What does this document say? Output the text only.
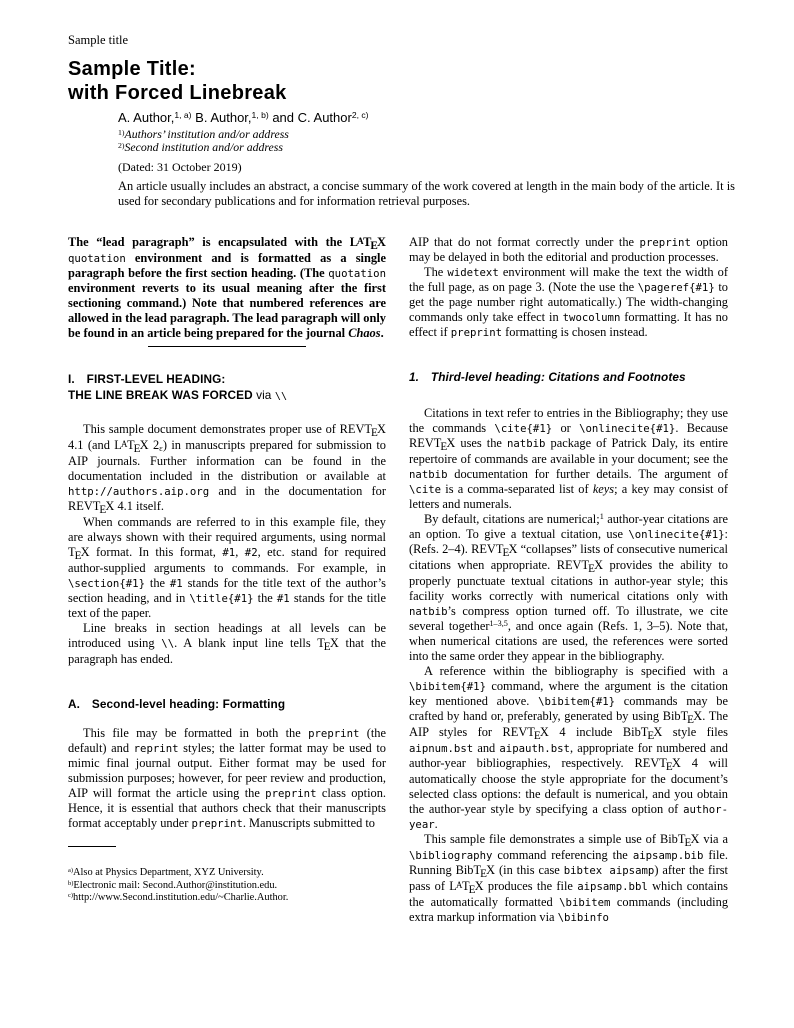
Sample title
Sample Title:
with Forced Linebreak
A. Author,$^{1, a)}$ B. Author,$^{1, b)}$ and C. Author$^{2, c)}$
$^{1)}$Authors’ institution and/or address
$^{2)}$Second institution and/or address
(Dated: 31 October 2019)
An article usually includes an abstract, a concise summary of the work covered at length in the main body of the article. It is used for secondary publications and for information retrieval purposes.
The “lead paragraph” is encapsulated with the $L^ATEX$ quotation environment and is formatted as a single paragraph before the first section heading. (The quotation environment reverts to its usual meaning after the first sectioning command.) Note that numbered references are allowed in the lead paragraph. The lead paragraph will only be found in an article being prepared for the journal Chaos.
I. FIRST-LEVEL HEADING:
THE LINE BREAK WAS FORCED via \\
This sample document demonstrates proper use of REVTEX 4.1 (and $L^ATEX$ $2_\varepsilon$) in manuscripts prepared for submission to AIP journals. Further information can be found in the documentation included in the distribution or available at http://authors.aip.org and in the documentation for REVTEX 4.1 itself.
When commands are referred to in this example file, they are always shown with their required arguments, using normal TEX format. In this format, #1, #2, etc. stand for required author-supplied arguments to commands. For example, in \section{#1} the #1 stands for the title text of the author’s section heading, and in \title{#1} the #1 stands for the title text of the paper.
Line breaks in section headings at all levels can be introduced using \\. A blank input line tells TEX that the paragraph has ended.
A. Second-level heading: Formatting
This file may be formatted in both the preprint (the default) and reprint styles; the latter format may be used to mimic final journal output. Either format may be used for submission purposes; however, for peer review and production, AIP will format the article using the preprint class option. Hence, it is essential that authors check that their manuscripts format acceptably under preprint. Manuscripts submitted to
$^{a)}$Also at Physics Department, XYZ University.
$^{b)}$Electronic mail: Second.Author@institution.edu.
$^{c)}$http://www.Second.institution.edu/~Charlie.Author.
AIP that do not format correctly under the preprint option may be delayed in both the editorial and production processes.
The widetext environment will make the text the width of the full page, as on page 3. (Note the use the \pageref{#1} to get the page number right automatically.) The width-changing commands only take effect in twocolumn formatting. It has no effect if preprint formatting is chosen instead.
1. Third-level heading: Citations and Footnotes
Citations in text refer to entries in the Bibliography; they use the commands \cite{#1} or \onlinecite{#1}. Because REVTEX uses the natbib package of Patrick Daly, its entire repertoire of commands are available in your document; see the natbib documentation for further details. The argument of \cite is a comma-separated list of keys; a key may consist of letters and numerals.
By default, citations are numerical;$^1$ author-year citations are an option. To give a textual citation, use \onlinecite{#1}: (Refs. 2–4). REVTEX “collapses” lists of consecutive numerical citations when appropriate. REVTEX provides the ability to properly punctuate textual citations in author-year style; this facility works correctly with numerical citations only with natbib’s compress option turned off. To illustrate, we cite several together$^{1-3,5}$, and once again (Refs. 1, 3–5). Note that, when numerical citations are used, the references were sorted into the same order they appear in the bibliography.
A reference within the bibliography is specified with a \bibitem{#1} command, where the argument is the citation key mentioned above. \bibitem{#1} commands may be crafted by hand or, preferably, generated by using BibTEX. The AIP styles for REVTEX 4 include BibTEX style files aipnum.bst and aipauth.bst, appropriate for numbered and author-year bibliographies, respectively. REVTEX 4 will automatically choose the style appropriate for the document’s selected class options: the default is numerical, and you obtain the author-year style by specifying a class option of author-year.
This sample file demonstrates a simple use of BibTEX via a \bibliography command referencing the aipsamp.bib file. Running BibTEX (in this case bibtex aipsamp) after the first pass of $L^ATEX$ produces the file aipsamp.bbl which contains the automatically formatted \bibitem commands (including extra markup information via \bibinfo
